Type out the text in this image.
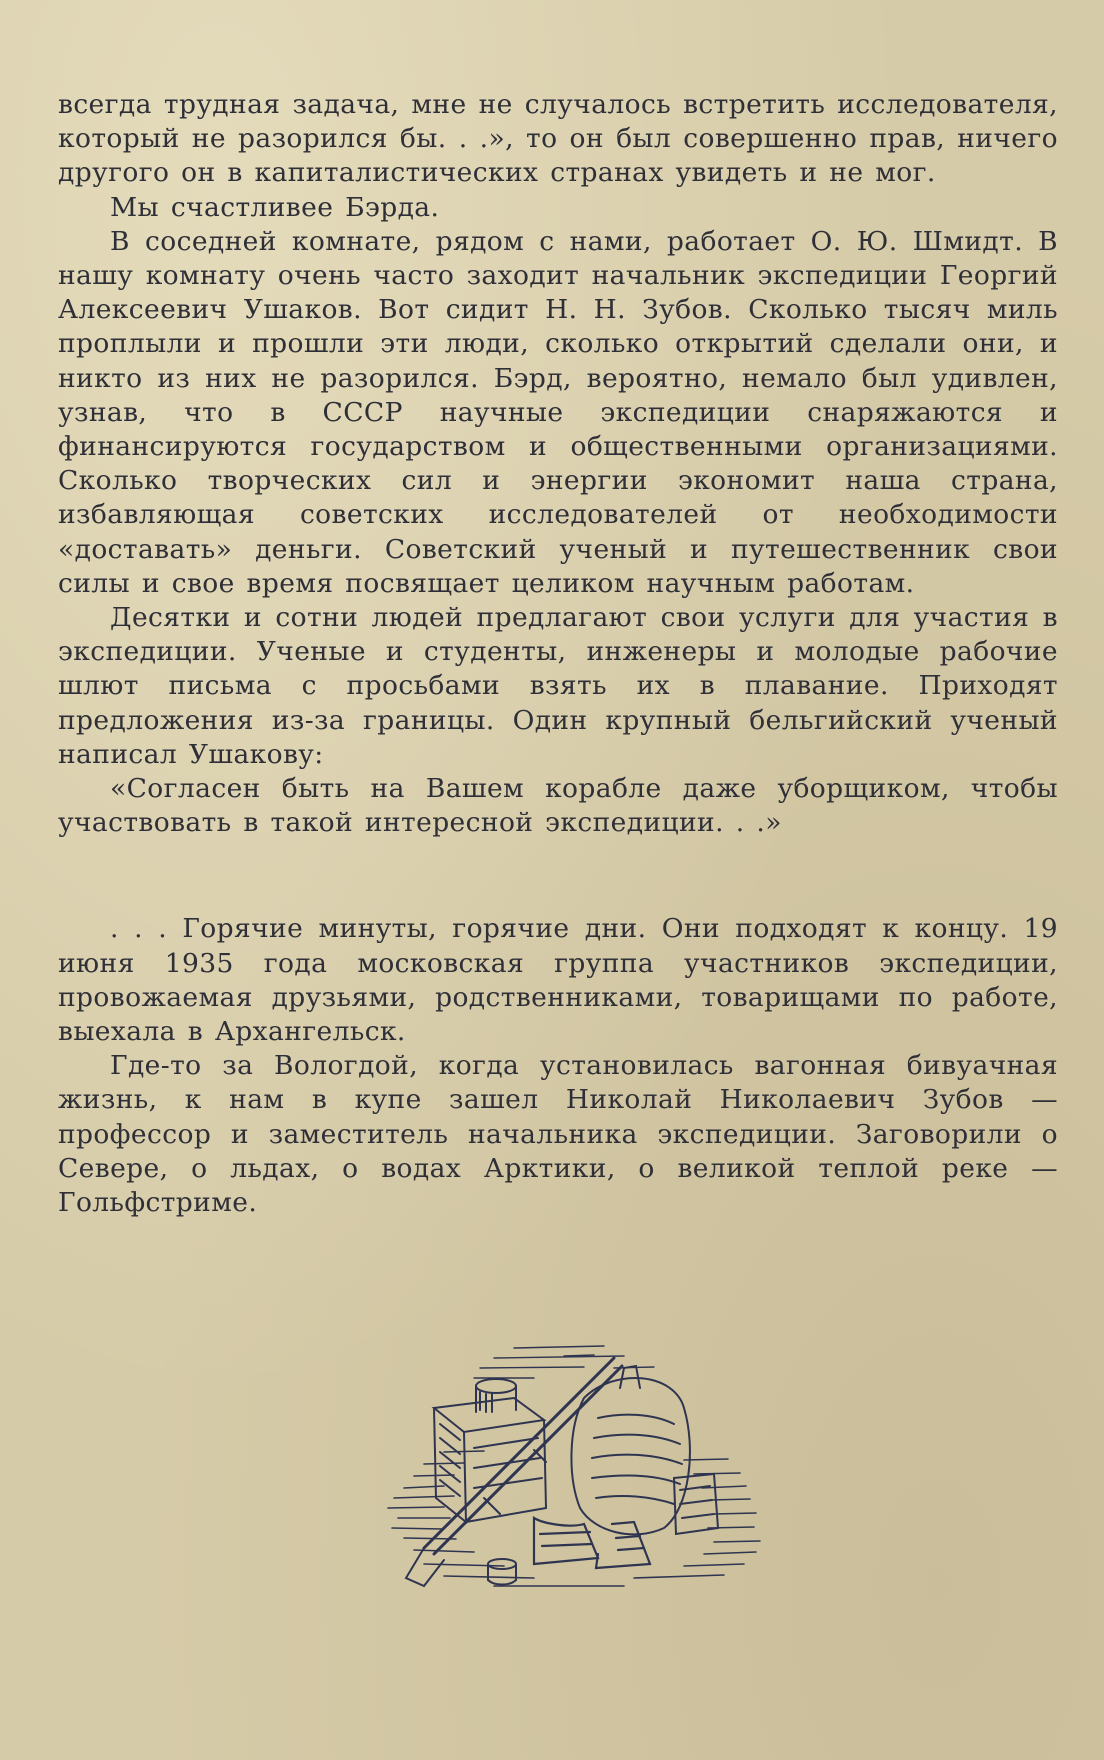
всегда трудная задача, мне не случалось встретить исследователя, который не разорился бы. . .», то он был совершенно прав, ничего другого он в капиталистических странах увидеть и не мог.

Мы счастливее Бэрда.

В соседней комнате, рядом с нами, работает О. Ю. Шмидт. В нашу комнату очень часто заходит начальник экспедиции Георгий Алексеевич Ушаков. Вот сидит Н. Н. Зубов. Сколько тысяч миль проплыли и прошли эти люди, сколько открытий сделали они, и никто из них не разорился. Бэрд, вероятно, немало был удивлен, узнав, что в СССР научные экспедиции снаряжаются и финансируются государством и общественными организациями. Сколько творческих сил и энергии экономит наша страна, избавляющая советских исследователей от необходимости «доставать» деньги. Советский ученый и путешественник свои силы и свое время посвящает целиком научным работам.

Десятки и сотни людей предлагают свои услуги для участия в экспедиции. Ученые и студенты, инженеры и молодые рабочие шлют письма с просьбами взять их в плавание. Приходят предложения из-за границы. Один крупный бельгийский ученый написал Ушакову:

«Согласен быть на Вашем корабле даже уборщиком, чтобы участвовать в такой интересной экспедиции. . .»

. . . Горячие минуты, горячие дни. Они подходят к концу. 19 июня 1935 года московская группа участников экспедиции, провожаемая друзьями, родственниками, товарищами по работе, выехала в Архангельск.

Где-то за Вологдой, когда установилась вагонная бивуачная жизнь, к нам в купе зашел Николай Николаевич Зубов — профессор и заместитель начальника экспедиции. Заговорили о Севере, о льдах, о водах Арктики, о великой теплой реке — Гольфстриме.
